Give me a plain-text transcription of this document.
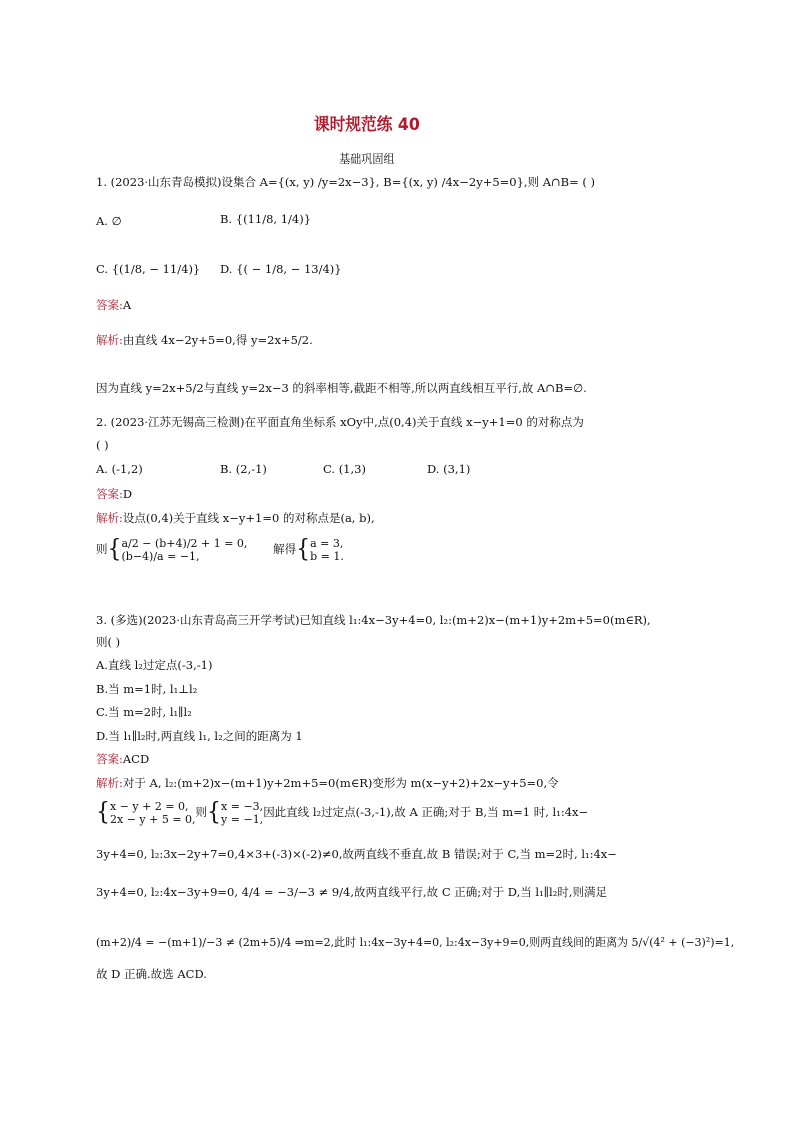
课时规范练 40
基础巩固组
1. (2023·山东青岛模拟)设集合 A={(x, y) /y=2x−3}, B={(x, y) /4x−2y+5=0},则 A∩B= ( )
A. ∅	B. {(11/8, 1/4)}
C. {(1/8, − 11/4)} D. {( − 1/8, − 13/4)}
答案:A
解析:由直线 4x−2y+5=0,得 y=2x+5/2.
因为直线 y=2x+5/2与直线 y=2x−3 的斜率相等,截距不相等,所以两直线相互平行,故 A∩B=∅.
2. (2023·江苏无锡高三检测)在平面直角坐标系 xOy中,点(0,4)关于直线 x−y+1=0 的对称点为
( )
A. (-1,2)	B. (2,-1)	C. (1,3)	D. (3,1)
答案:D
解析:设点(0,4)关于直线 x−y+1=0 的对称点是(a, b),
则{ a/2 − (b+4)/2 + 1 = 0,
(b−4)/a = −1,
解得{ a = 3,
b = 1.
3. (多选)(2023·山东青岛高三开学考试)已知直线 l₁:4x−3y+4=0, l₂:(m+2)x−(m+1)y+2m+5=0(m∈R),
则( )
A.直线 l₂过定点(-3,-1)
B.当 m=1时, l₁⊥l₂
C.当 m=2时, l₁∥l₂
D.当 l₁∥l₂时,两直线 l₁, l₂之间的距离为 1
答案:ACD
解析:对于 A, l₂:(m+2)x−(m+1)y+2m+5=0(m∈R)变形为 m(x−y+2)+2x−y+5=0,令
{ x − y + 2 = 0,
2x − y + 5 = 0,
则{ x = −3,
y = −1,
因此直线 l₂过定点(-3,-1),故 A 正确;对于 B,当 m=1 时, l₁:4x−
3y+4=0, l₂:3x−2y+7=0,4×3+(-3)×(-2)≠0,故两直线不垂直,故 B 错误;对于 C,当 m=2时, l₁:4x−
3y+4=0, l₂:4x−3y+9=0, 4/4 = −3/−3 ≠ 9/4,故两直线平行,故 C 正确;对于 D,当 l₁∥l₂时,则满足
(m+2)/4 = −(m+1)/−3 ≠ (2m+5)/4 ⇒m=2,此时 l₁:4x−3y+4=0, l₂:4x−3y+9=0,则两直线间的距离为 5/√(4² + (−3)²)=1,
故 D 正确.故选 ACD.
